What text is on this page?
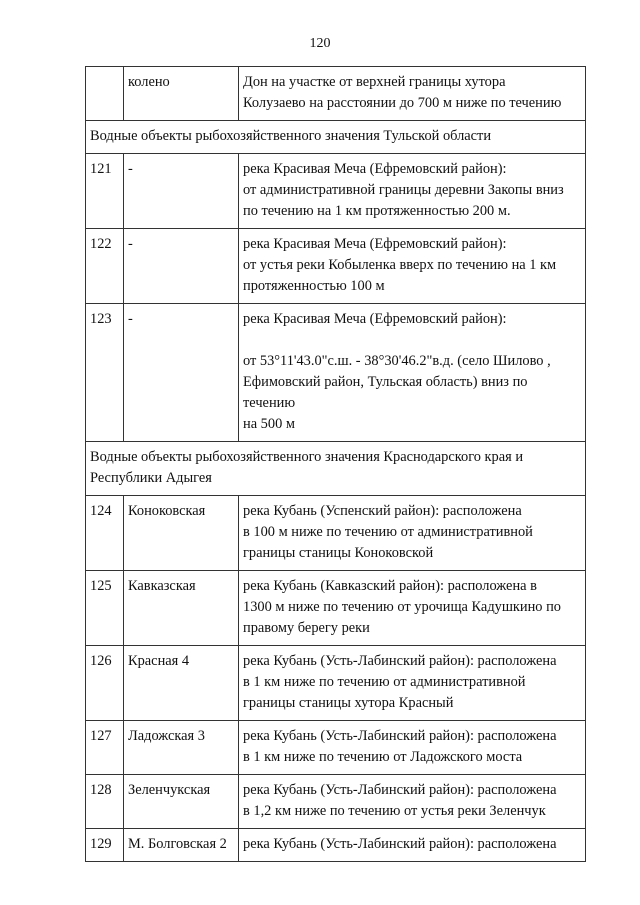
120
	колено	Дон на участке от верхней границы хутора
Колузаево на расстоянии до 700 м ниже по течению

Водные объекты рыбохозяйственного значения Тульской области		

121	-	река Красивая Меча (Ефремовский район):
от административной границы деревни Закопы вниз
по течению на 1 км протяженностью 200 м.

122	-	река Красивая Меча (Ефремовский район):
от устья реки Кобыленка вверх по течению на 1 км
протяженностью 100 м

123	-	река Красивая Меча (Ефремовский район):
от 53°11'43.0"с.ш. - 38°30'46.2"в.д. (село Шилово ,
Ефимовский район, Тульская область) вниз по
течению
на 500 м

Водные объекты рыбохозяйственного значения Краснодарского края и
Республики Адыгея		

124	Коноковская	река Кубань (Успенский район): расположена
в 100 м ниже по течению от административной
границы станицы Коноковской

125	Кавказская	река Кубань (Кавказский район): расположена в
1300 м ниже по течению от урочища Кадушкино по
правому берегу реки

126	Красная 4	река Кубань (Усть-Лабинский район): расположена
в 1 км ниже по течению от административной
границы станицы хутора Красный

127	Ладожская 3	река Кубань (Усть-Лабинский район): расположена
в 1 км ниже по течению от Ладожского моста

128	Зеленчукская	река Кубань (Усть-Лабинский район): расположена
в 1,2 км ниже по течению от устья реки Зеленчук

129	М. Болговская 2	река Кубань (Усть-Лабинский район): расположена
